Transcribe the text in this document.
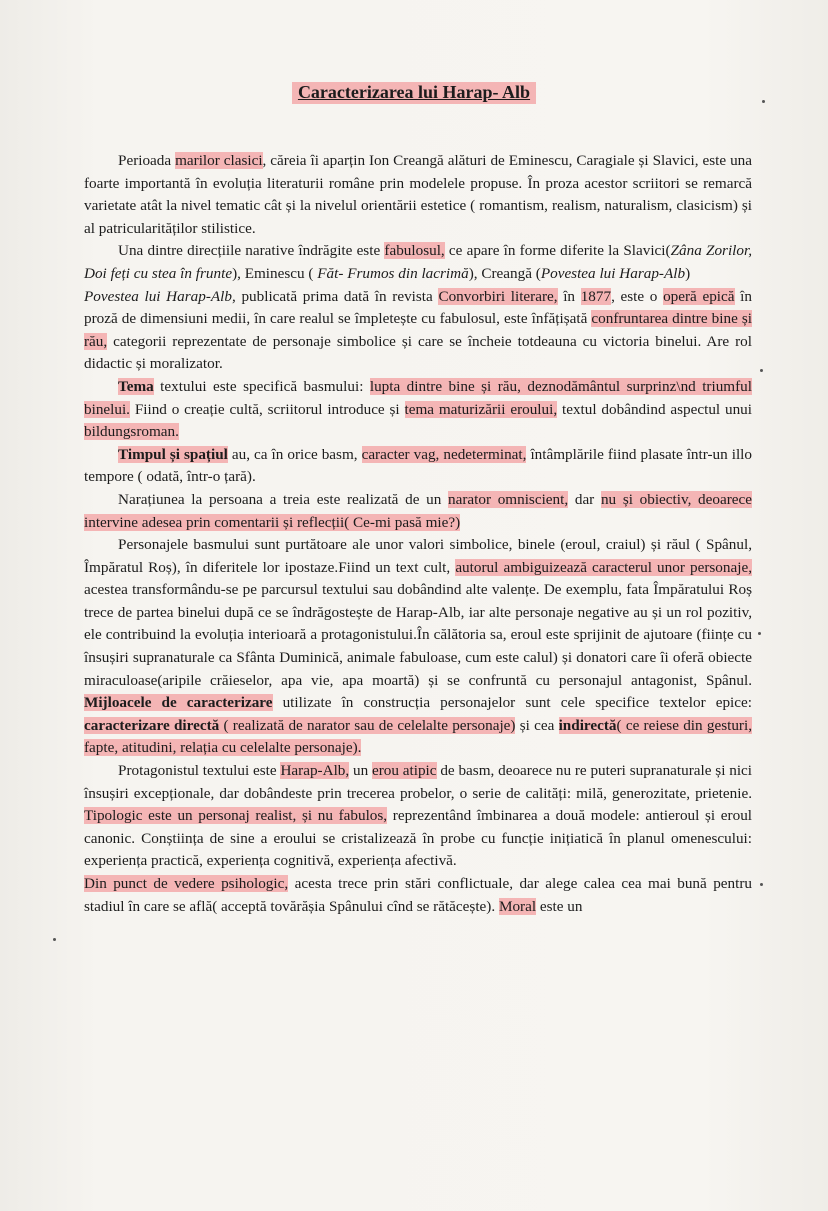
Caracterizarea lui Harap- Alb

Perioada marilor clasici, căreia îi aparțin Ion Creangă alături de Eminescu, Caragiale și Slavici, este una foarte importantă în evoluția literaturii române prin modelele propuse. În proza acestor scriitori se remarcă varietate atât la nivel tematic cât și la nivelul orientării estetice ( romantism, realism, naturalism, clasicism) și al patricularităților stilistice.

Una dintre direcțiile narative îndrăgite este fabulosul, ce apare în forme diferite la Slavici(Zâna Zorilor, Doi feți cu stea în frunte), Eminescu ( Făt- Frumos din lacrimă), Creangă (Povestea lui Harap-Alb)

Povestea lui Harap-Alb, publicată prima dată în revista Convorbiri literare, în 1877, este o operă epică în proză de dimensiuni medii, în care realul se împletește cu fabulosul, este înfățișată confruntarea dintre bine și rău, categorii reprezentate de personaje simbolice și care se încheie totdeauna cu victoria binelui. Are rol didactic și moralizator.

Tema textului este specifică basmului: lupta dintre bine și rău, deznodământul surprinz\nd triumful binelui. Fiind o creație cultă, scriitorul introduce și tema maturizării eroului, textul dobândind aspectul unui bildungsroman.

Timpul și spațiul au, ca în orice basm, caracter vag, nedeterminat, întâmplările fiind plasate într-un illo tempore ( odată, într-o țară).

Narațiunea la persoana a treia este realizată de un narator omniscient, dar nu și obiectiv, deoarece intervine adesea prin comentarii și reflecții( Ce-mi pasă mie?)

Personajele basmului sunt purtătoare ale unor valori simbolice, binele (eroul, craiul) și răul ( Spânul, Împăratul Roș), în diferitele lor ipostaze.Fiind un text cult, autorul ambiguizează caracterul unor personaje, acestea transformându-se pe parcursul textului sau dobândind alte valențe. De exemplu, fata Împăratului Roș trece de partea binelui după ce se îndrăgostește de Harap-Alb, iar alte personaje negative au și un rol pozitiv, ele contribuind la evoluția interioară a protagonistului.În călătoria sa, eroul este sprijinit de ajutoare (ființe cu însușiri supranaturale ca Sfânta Duminică, animale fabuloase, cum este calul) și donatori care îi oferă obiecte miraculoase(aripile crăieselor, apa vie, apa moartă) și se confruntă cu personajul antagonist, Spânul. Mijloacele de caracterizare utilizate în construcția personajelor sunt cele specifice textelor epice: caracterizare directă ( realizată de narator sau de celelalte personaje) și cea indirectă( ce reiese din gesturi, fapte, atitudini, relația cu celelalte personaje).

Protagonistul textului este Harap-Alb, un erou atipic de basm, deoarece nu re puteri supranaturale și nici însușiri excepționale, dar dobândeste prin trecerea probelor, o serie de calități: milă, generozitate, prietenie. Tipologic este un personaj realist, și nu fabulos, reprezentând îmbinarea a două modele: antieroul și eroul canonic. Conștiința de sine a eroului se cristalizează în probe cu funcție inițiatică în planul omenescului: experiența practică, experiența cognitivă, experiența afectivă.

Din punct de vedere psihologic, acesta trece prin stări conflictuale, dar alege calea cea mai bună pentru stadiul în care se află( acceptă tovărășia Spânului cînd se rătăcește). Moral este un
